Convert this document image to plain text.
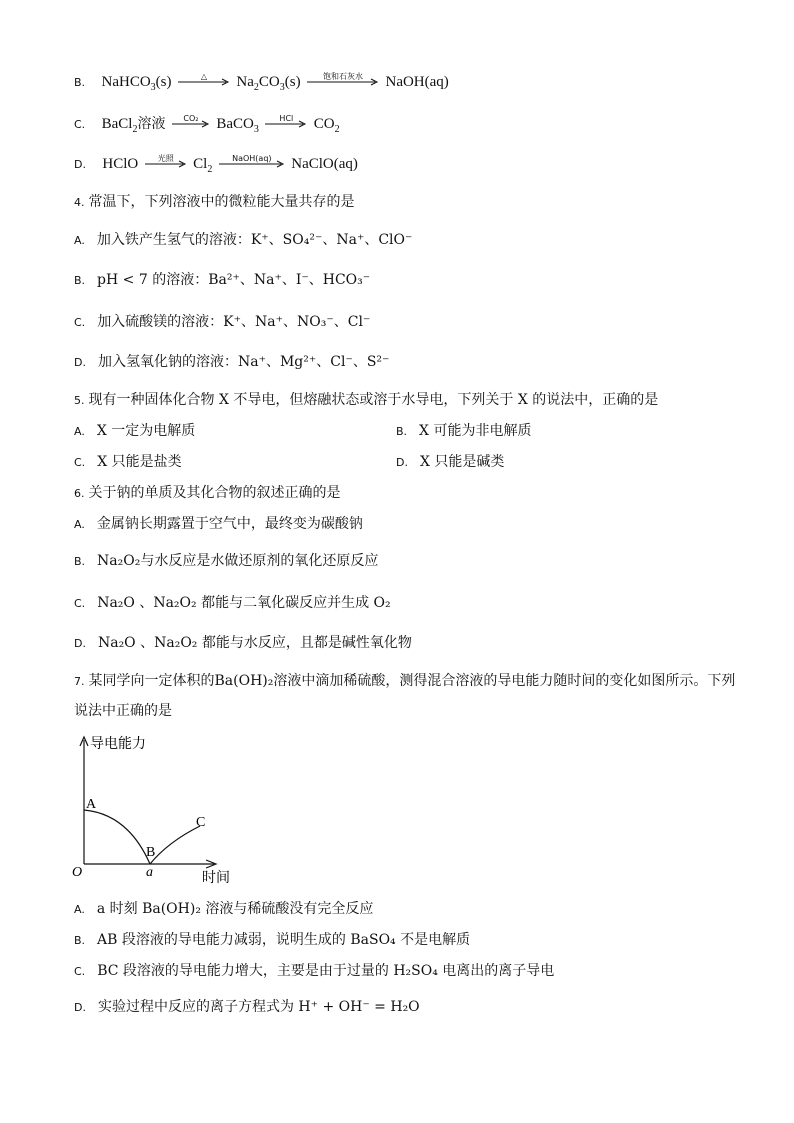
B. NaHCO$_3$(s)	△	$Na_2CO_3(s)$	饱和石灰水	NaOH(aq)
C. BaCl$_2$溶液	CO₂	BaCO$_3$
HCl	$CO_2$
D. HClO	光照	$Cl_2$
NaOH(aq)	NaClO(aq)
4. 常温下，下列溶液中的微粒能大量共存的是
A. 加入铁产生氢气的溶液：K⁺、SO₄²⁻、Na⁺、ClO⁻
B. pH < 7 的溶液：Ba²⁺、Na⁺、I⁻、HCO₃⁻
C. 加入硫酸镁的溶液：K⁺、Na⁺、NO₃⁻、Cl⁻
D. 加入氢氧化钠的溶液：Na⁺、Mg²⁺、Cl⁻、S²⁻
5. 现有一种固体化合物 X 不导电，但熔融状态或溶于水导电，下列关于 X 的说法中，正确的是
A. X 一定为电解质	B. X 可能为非电解质
C. X 只能是盐类	D. X 只能是碱类
6. 关于钠的单质及其化合物的叙述正确的是
A. 金属钠长期露置于空气中，最终变为碳酸钠
B. Na₂O₂与水反应是水做还原剂的氧化还原反应
C. Na₂O 、Na₂O₂ 都能与二氧化碳反应并生成 O₂
D. Na₂O 、Na₂O₂ 都能与水反应，且都是碱性氧化物
7. 某同学向一定体积的Ba(OH)₂溶液中滴加稀硫酸，测得混合溶液的导电能力随时间的变化如图所示。下列
说法中正确的是
导电能力
时间
O	a
A
B
C
A. a 时刻 Ba(OH)₂ 溶液与稀硫酸没有完全反应
B. AB 段溶液的导电能力减弱，说明生成的 BaSO₄ 不是电解质
C. BC 段溶液的导电能力增大，主要是由于过量的 H₂SO₄ 电离出的离子导电
D. 实验过程中反应的离子方程式为 H⁺ + OH⁻ = H₂O
